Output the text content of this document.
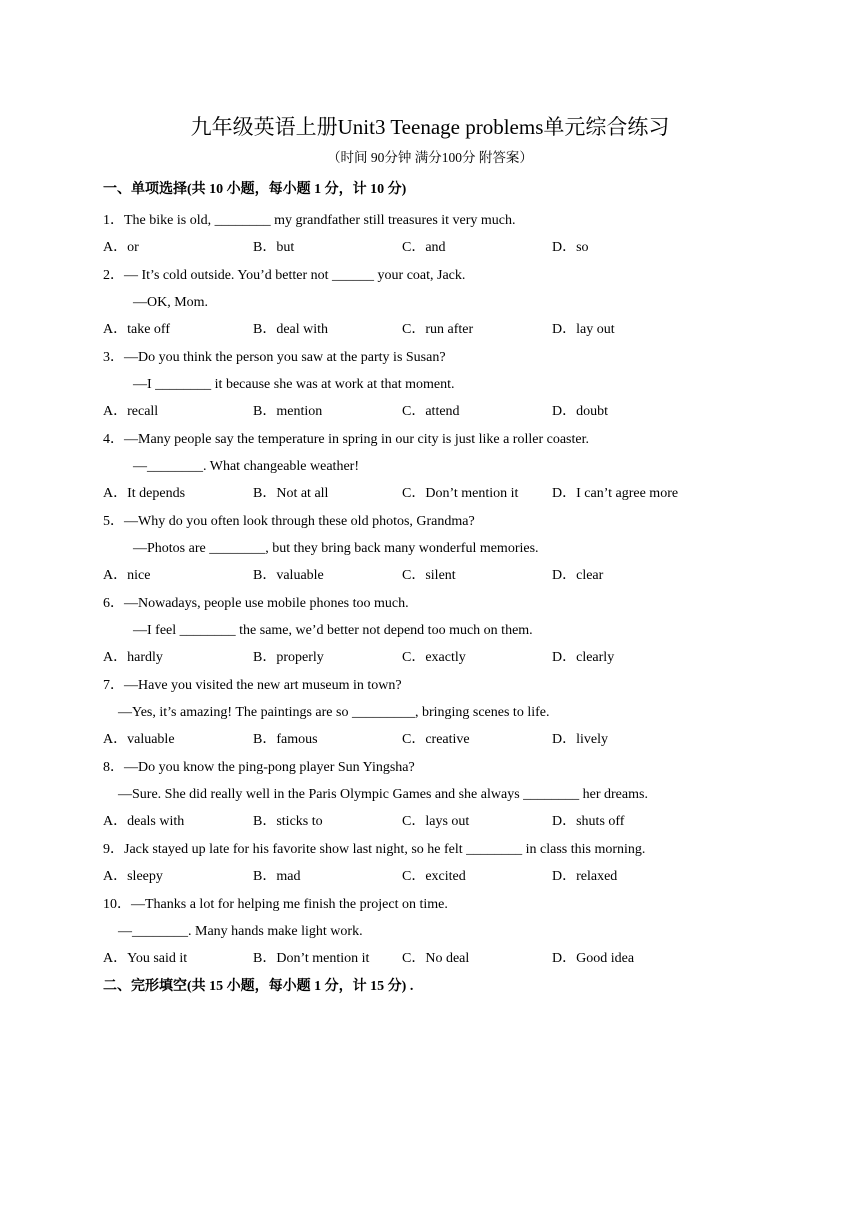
九年级英语上册Unit3 Teenage problems单元综合练习
（时间 90分钟 满分100分 附答案）
一、单项选择(共 10 小题，每小题 1 分，计 10 分)
1．The bike is old, ________ my grandfather still treasures it very much.
A．or	B．but	C．and	D．so
2．— It’s cold outside. You’d better not ______ your coat, Jack.
—OK, Mom.
A．take off	B．deal with	C．run after	D．lay out
3．—Do you think the person you saw at the party is Susan?
—I ________ it because she was at work at that moment.
A．recall	B．mention	C．attend	D．doubt
4．—Many people say the temperature in spring in our city is just like a roller coaster.
—________. What changeable weather!
A．It depends	B．Not at all	C．Don’t mention it D．I can’t agree more
5．—Why do you often look through these old photos, Grandma?
—Photos are ________, but they bring back many wonderful memories.
A．nice	B．valuable	C．silent	D．clear
6．—Nowadays, people use mobile phones too much.
—I feel ________ the same, we’d better not depend too much on them.
A．hardly	B．properly	C．exactly	D．clearly
7．—Have you visited the new art museum in town?
—Yes, it’s amazing! The paintings are so _________, bringing scenes to life.
A．valuable	B．famous	C．creative	D．lively
8．—Do you know the ping-pong player Sun Yingsha?
—Sure. She did really well in the Paris Olympic Games and she always ________ her dreams.
A．deals with	B．sticks to	C．lays out	D．shuts off
9．Jack stayed up late for his favorite show last night, so he felt ________ in class this morning.
A．sleepy	B．mad	C．excited	D．relaxed
10．—Thanks a lot for helping me finish the project on time.
—________. Many hands make light work.
A．You said it	B．Don’t mention it C．No deal	D．Good idea
二、完形填空(共 15 小题，每小题 1 分，计 15 分) .
